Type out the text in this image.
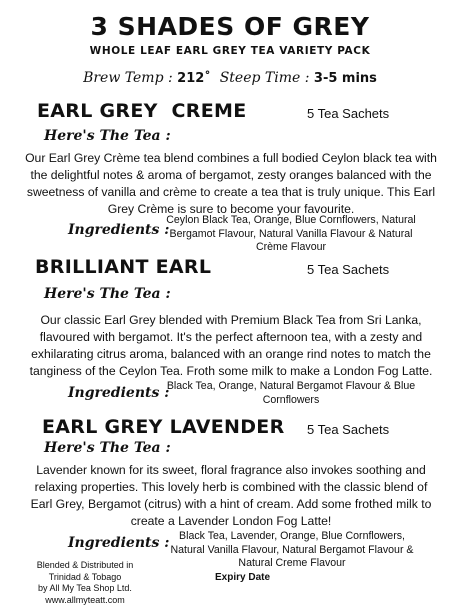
3 SHADES OF GREY
WHOLE LEAF EARL GREY TEA VARIETY PACK
Brew Temp : 212˚ Steep Time : 3-5 mins
EARL GREY  CREME	5 Tea Sachets
Here's The Tea :
Our Earl Grey Crème tea blend combines a full bodied Ceylon black tea with the delightful notes & aroma of bergamot, zesty oranges balanced with the sweetness of vanilla and crème to create a tea that is truly unique. This Earl Grey Crème is sure to become your favourite.
Ingredients :
Ceylon Black Tea, Orange, Blue Cornflowers, Natural Bergamot Flavour, Natural Vanilla Flavour & Natural Crème Flavour
BRILLIANT EARL	5 Tea Sachets
Here's The Tea :
Our classic Earl Grey blended with Premium Black Tea from Sri Lanka, flavoured with bergamot. It's the perfect afternoon tea, with a zesty and exhilarating citrus aroma, balanced with an orange rind notes to match the tanginess of the Ceylon Tea. Froth some milk to make a London Fog Latte.
Ingredients :
Black Tea, Orange, Natural Bergamot Flavour & Blue Cornflowers
EARL GREY LAVENDER 5 Tea Sachets
Here's The Tea :
Lavender known for its sweet, floral fragrance also invokes soothing and relaxing properties. This lovely herb is combined with the classic blend of Earl Grey, Bergamot (citrus) with a hint of cream. Add some frothed milk to create a Lavender London Fog Latte!
Ingredients : Black Tea, Lavender, Orange, Blue Cornflowers, Natural Vanilla Flavour, Natural Bergamot Flavour & Natural Creme Flavour
Blended & Distributed in
Trinidad & Tobago
by All My Tea Shop Ltd.
www.allmyteatt.com
Expiry Date
